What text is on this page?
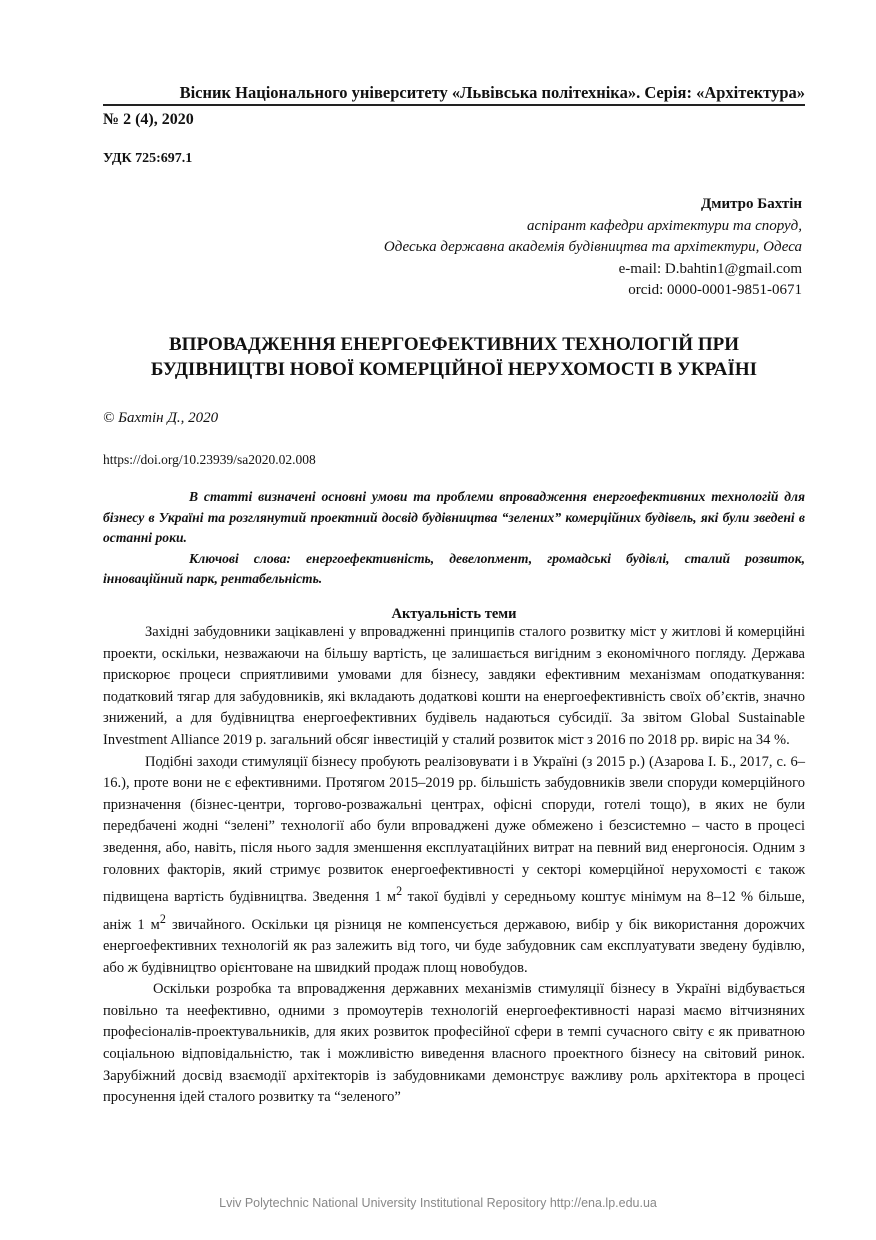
Вісник Національного університету «Львівська політехніка». Серія: «Архітектура»
№ 2 (4), 2020
УДК 725:697.1
Дмитро Бахтін
аспірант кафедри архітектури та споруд,
Одеська державна академія будівництва та архітектури, Одеса
e-mail: D.bahtin1@gmail.com
orcid: 0000-0001-9851-0671
ВПРОВАДЖЕННЯ ЕНЕРГОЕФЕКТИВНИХ ТЕХНОЛОГІЙ ПРИ
БУДІВНИЦТВІ НОВОЇ КОМЕРЦІЙНОЇ НЕРУХОМОСТІ В УКРАЇНІ
© Бахтін Д., 2020
https://doi.org/10.23939/sa2020.02.008

В статті визначені основні умови та проблеми впровадження енергоефективних технологій для бізнесу в Україні та розглянутий проектний досвід будівництва “зелених” комерційних будівель, які були зведені в останні роки.

Ключові слова: енергоефективність, девелопмент, громадські будівлі, сталий розвиток, інноваційний парк, рентабельність.

Актуальність теми

Західні забудовники зацікавлені у впровадженні принципів сталого розвитку міст у житлові й комерційні проекти, оскільки, незважаючи на більшу вартість, це залишається вигідним з економічного погляду. Держава прискорює процеси сприятливими умовами для бізнесу, завдяки ефективним механізмам оподаткування: податковий тягар для забудовників, які вкладають додаткові кошти на енергоефективність своїх об’єктів, значно знижений, а для будівництва енергоефективних будівель надаються субсидії. За звітом Global Sustainable Investment Alliance 2019 р. загальний обсяг інвестицій у сталий розвиток міст з 2016 по 2018 рр. виріс на 34 %.

Подібні заходи стимуляції бізнесу пробують реалізовувати і в Україні (з 2015 р.) (Азарова І. Б., 2017, с. 6–16.), проте вони не є ефективними. Протягом 2015–2019 рр. більшість забудовників звели споруди комерційного призначення (бізнес-центри, торгово-розважальні центрах, офісні споруди, готелі тощо), в яких не були передбачені жодні “зелені” технології або були впроваджені дуже обмежено і безсистемно – часто в процесі зведення, або, навіть, після нього задля зменшення експлуатаційних витрат на певний вид енергоносія. Одним з головних факторів, який стримує розвиток енергоефективності у секторі комерційної нерухомості є також підвищена вартість будівництва. Зведення 1 $м^2$ такої будівлі у середньому коштує мінімум на 8–12 % більше, аніж 1 $м^2$ звичайного. Оскільки ця різниця не компенсується державою, вибір у бік використання дорожчих енергоефективних технологій як раз залежить від того, чи буде забудовник сам експлуатувати зведену будівлю, або ж будівництво орієнтоване на швидкий продаж площ новобудов.

Оскільки розробка та впровадження державних механізмів стимуляції бізнесу в Україні відбувається повільно та неефективно, одними з промоутерів технологій енергоефективності наразі маємо вітчизняних професіоналів-проектувальників, для яких розвиток професійної сфери в темпі сучасного світу є як приватною соціальною відповідальністю, так і можливістю виведення власного проектного бізнесу на світовий ринок. Зарубіжний досвід взаємодії архітекторів із забудовниками демонструє важливу роль архітектора в процесі просунення ідей сталого розвитку та “зеленого”

Lviv Polytechnic National University Institutional Repository http://ena.lp.edu.ua
